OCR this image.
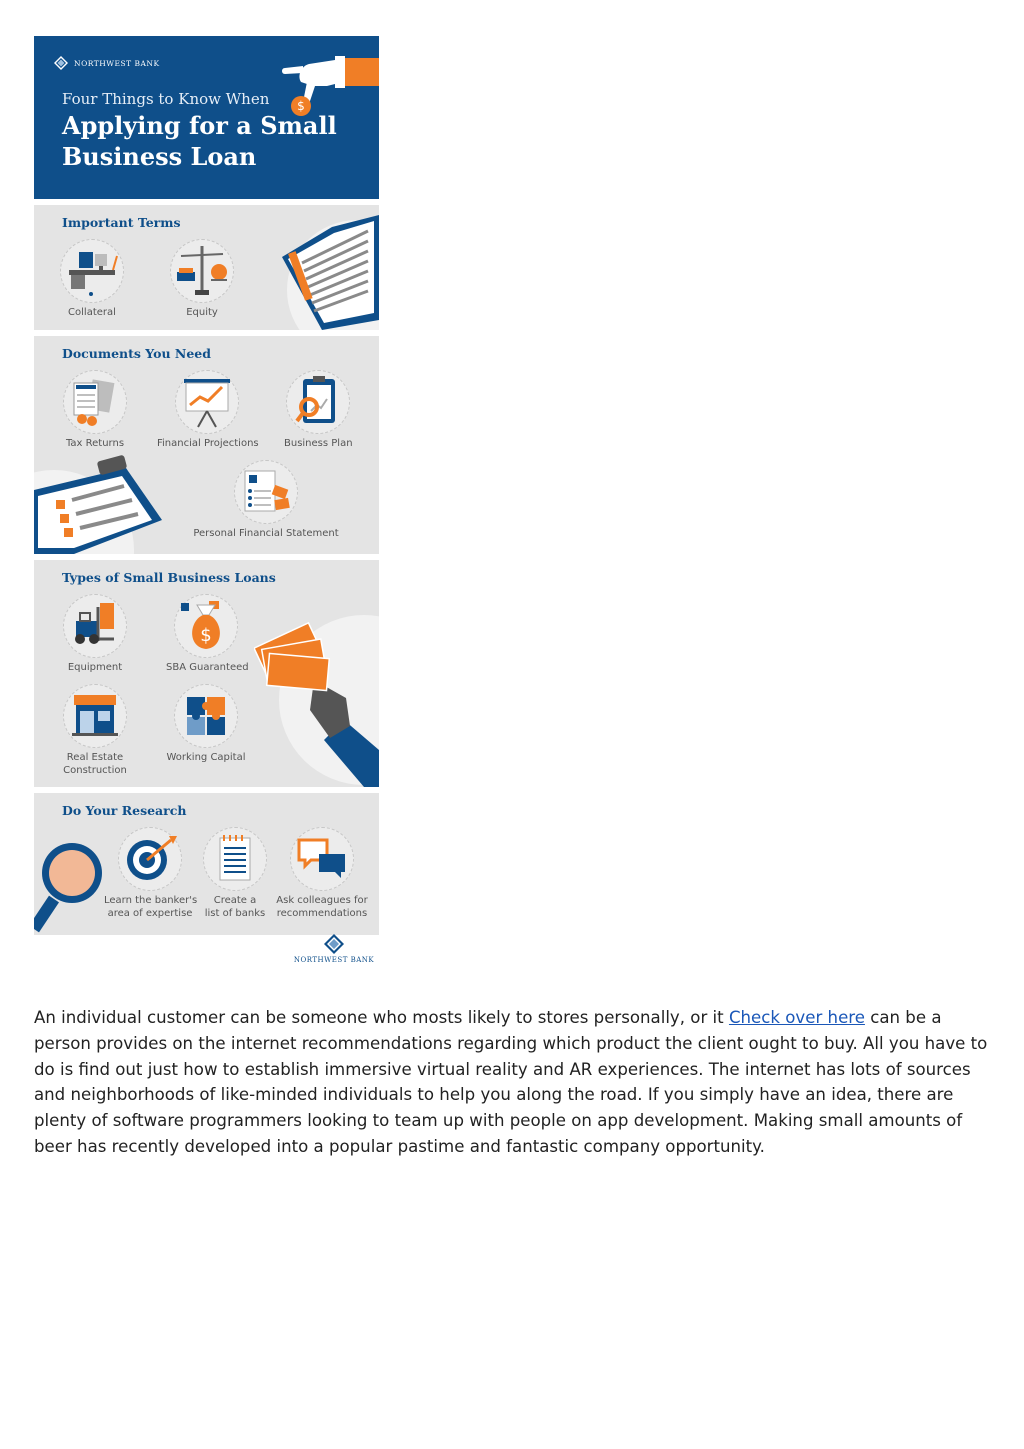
NORTHWEST BANK
$
Four Things to Know When
Applying for a Small Business Loan
Important Terms
Collateral	Equity
Documents You Need
Tax Returns	Financial Projections	Business Plan
Personal Financial Statement
Types of Small Business Loans
Equipment
$
SBA Guaranteed
Real Estate
Construction
Working Capital
Do Your Research
Learn the banker's
area of expertise
Create a
list of banks
Ask colleagues for
recommendations
NORTHWEST BANK

An individual customer can be someone who mosts likely to stores personally, or it Check over here can be a person provides on the internet recommendations regarding which product the client ought to buy. All you have to do is find out just how to establish immersive virtual reality and AR experiences. The internet has lots of sources and neighborhoods of like-minded individuals to help you along the road. If you simply have an idea, there are plenty of software programmers looking to team up with people on app development. Making small amounts of beer has recently developed into a popular pastime and fantastic company opportunity.
